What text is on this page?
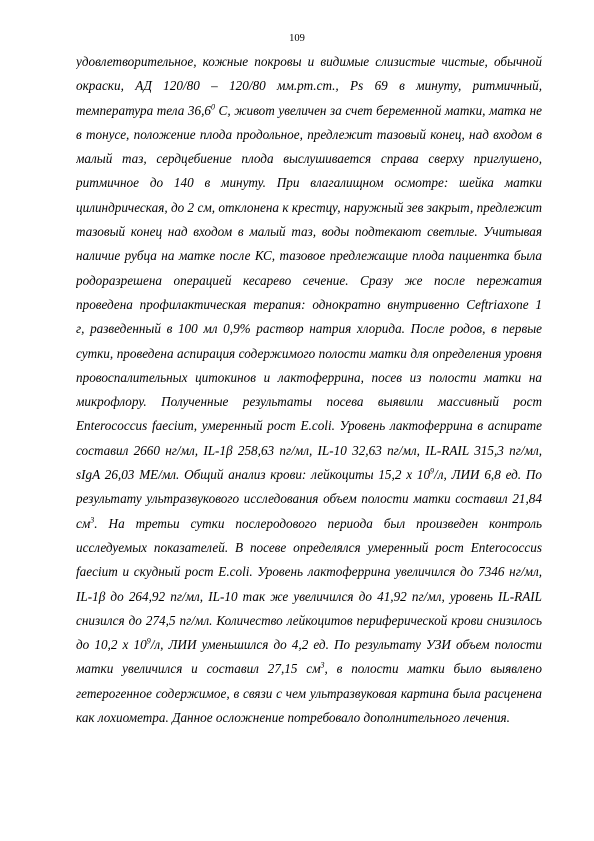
109
удовлетворительное, кожные покровы и видимые слизистые чистые, обычной
окраски, АД 120/80 – 120/80 мм.рт.ст., Ps 69 в минуту, ритмичный,
температура тела 36,6$^0$ С, живот увеличен за счет беременной матки, матка не
в тонусе, положение плода продольное, предлежит тазовый конец, над входом в
малый таз, сердцебиение плода выслушивается справа сверху приглушено,
ритмичное до 140 в минуту. При влагалищном осмотре: шейка матки
цилиндрическая, до 2 см, отклонена к крестцу, наружный зев закрыт, предлежит
тазовый конец над входом в малый таз, воды подтекают светлые. Учитывая
наличие рубца на матке после КС, тазовое предлежащие плода пациентка была
родоразрешена операцией кесарево сечение. Сразу же после пережатия
проведена профилактическая терапия: однократно внутривенно Ceftriaxone 1
г, разведенный в 100 мл 0,9% раствор натрия хлорида. После родов, в первые
сутки, проведена аспирация содержимого полости матки для определения уровня
провоспалительных цитокинов и лактоферрина, посев из полости матки на
микрофлору. Полученные результаты посева выявили массивный рост
Enterococcus faecium, умеренный рост E.coli. Уровень лактоферрина в аспирате
составил 2660 нг/мл, IL-1β 258,63 пг/мл, IL-10 32,63 пг/мл, IL-RAIL 315,3 пг/мл,
sIgA 26,03 МЕ/мл. Общий анализ крови: лейкоциты 15,2 х $10^9/л$, ЛИИ 6,8 ед. По
результату ультразвукового исследования объем полости матки составил 21,84
$см^3$. На третьи сутки послеродового периода был произведен контроль
исследуемых показателей. В посеве определялся умеренный рост Enterococcus
faecium и скудный рост E.coli. Уровень лактоферрина увеличился до 7346 нг/мл,
IL-1β до 264,92 пг/мл, IL-10 так же увеличился до 41,92 пг/мл, уровень IL-RAIL
снизился до 274,5 пг/мл. Количество лейкоцитов периферической крови снизилось
до 10,2 х $10^9/л$, ЛИИ уменьшился до 4,2 ед. По результату УЗИ объем полости
матки увеличился и составил 27,15 $см^3$, в полости матки было выявлено
гетерогенное содержимое, в связи с чем ультразвуковая картина была расценена
как лохиометра. Данное осложнение потребовало дополнительного лечения.
